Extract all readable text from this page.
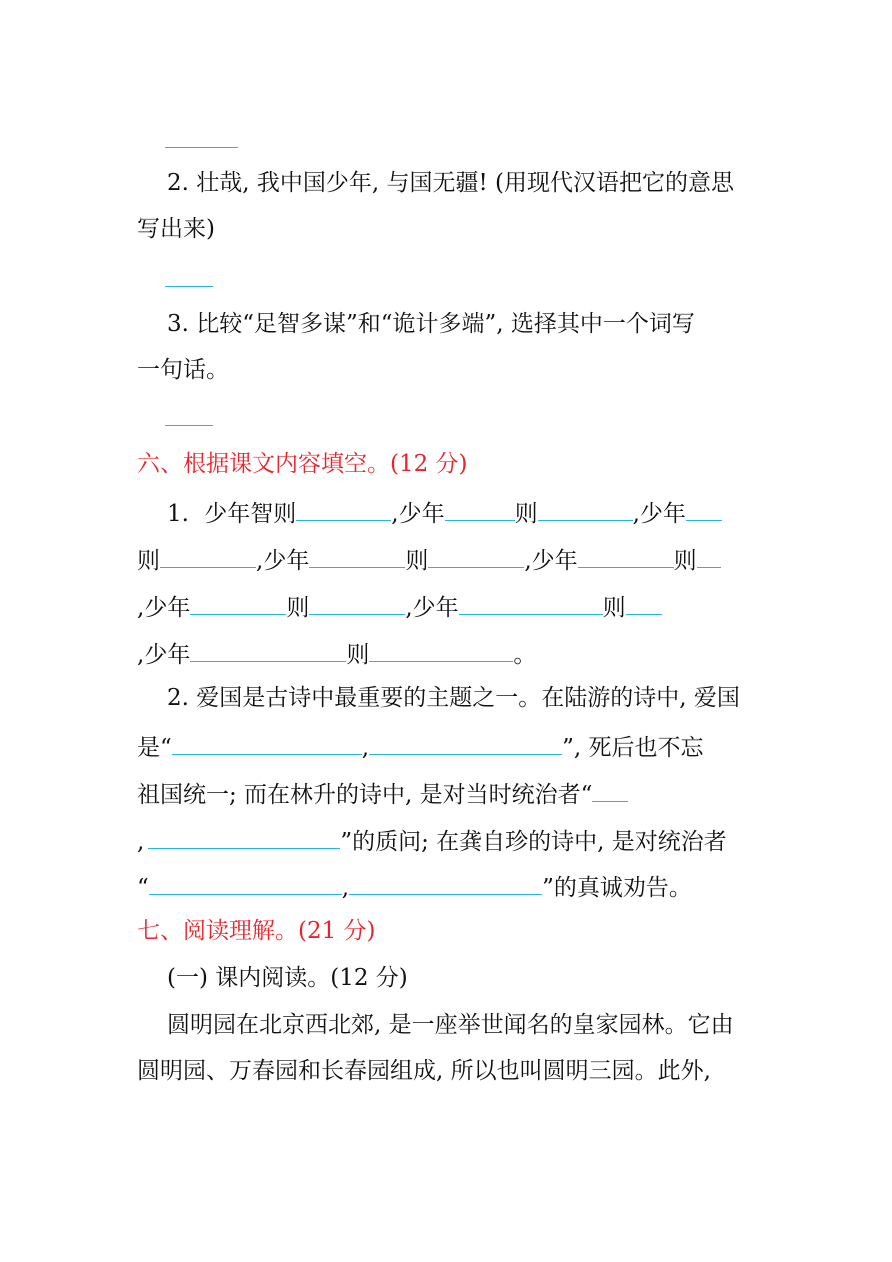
2. 壮哉, 我中国少年, 与国无疆! (用现代汉语把它的意思
写出来)
3. 比较“足智多谋”和“诡计多端”, 选择其中一个词写
一句话。
六、根据课文内容填空。(12 分)
1. 少年智则	,少年	则	,少年
则	,少年	则	,少年	则
,少年	则	,少年	则
,少年	则	。
2. 爱国是古诗中最重要的主题之一。在陆游的诗中, 爱国
是“	,	”, 死后也不忘
祖国统一; 而在林升的诗中, 是对当时统治者“
,	”的质问; 在龚自珍的诗中, 是对统治者
“	,	”的真诚劝告。
七、阅读理解。(21 分)
(一) 课内阅读。(12 分)
圆明园在北京西北郊, 是一座举世闻名的皇家园林。它由
圆明园、万春园和长春园组成, 所以也叫圆明三园。此外,
